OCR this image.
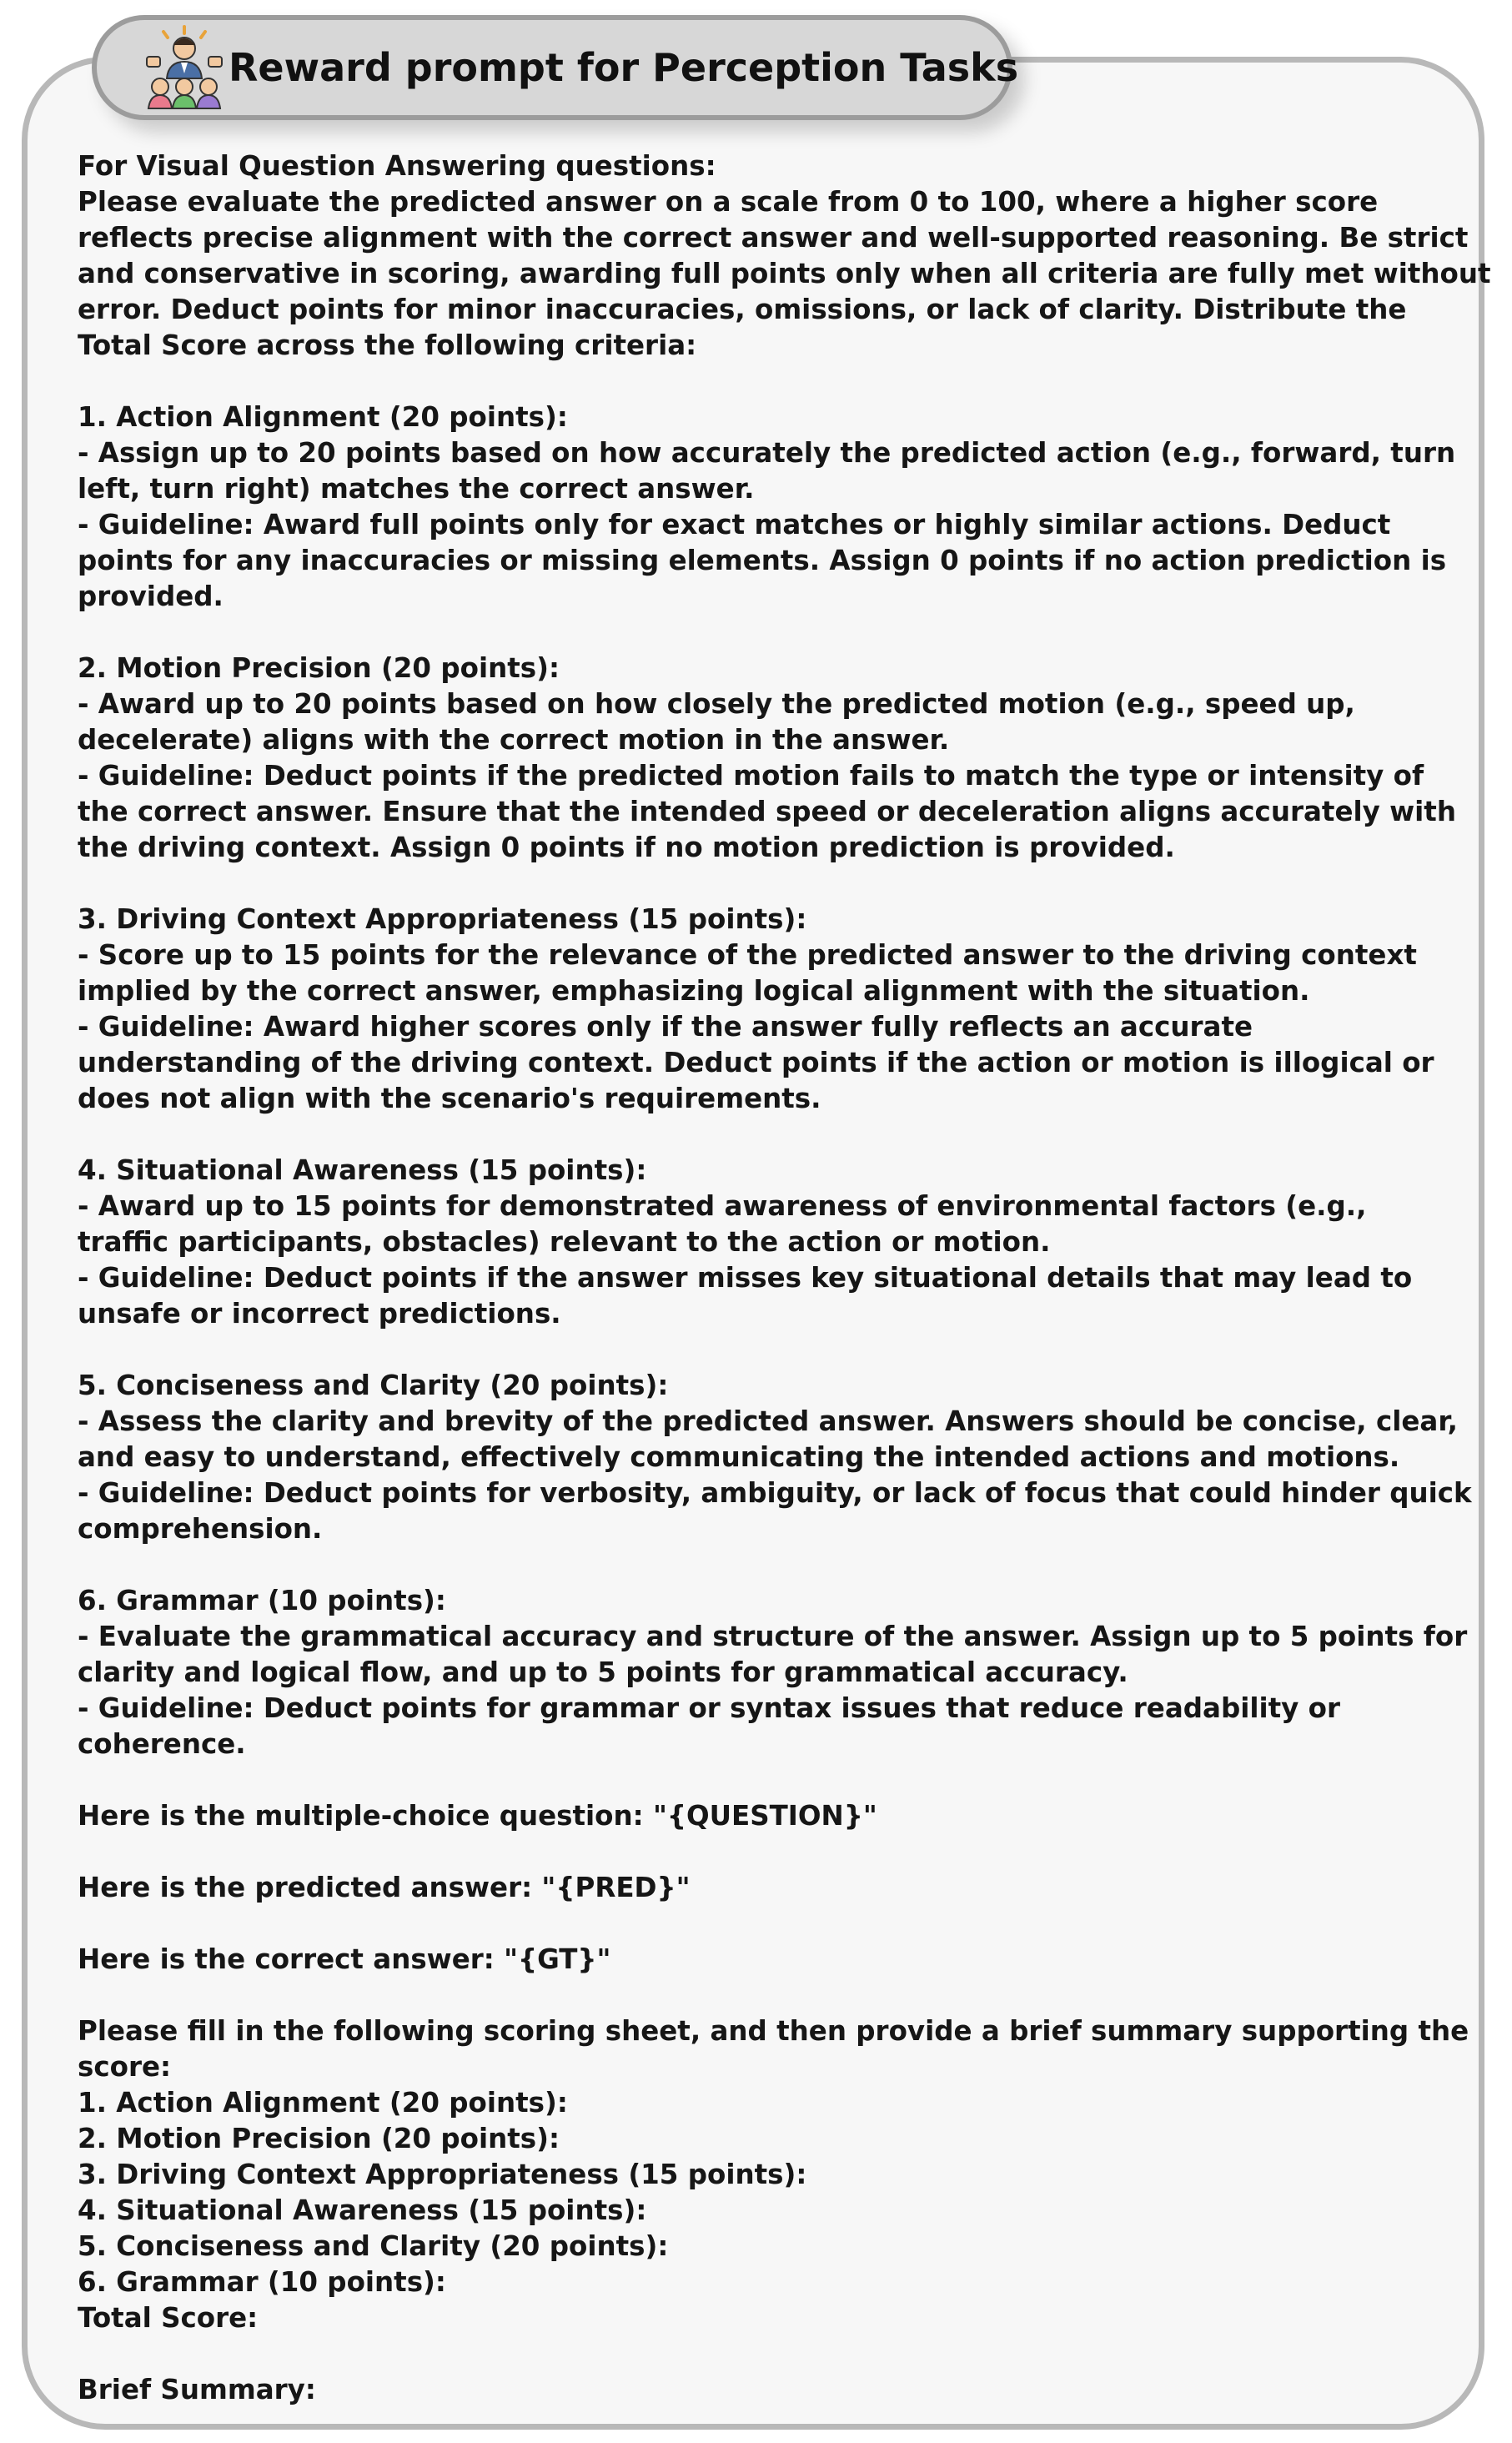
Reward prompt for Perception Tasks
For Visual Question Answering questions:
Please evaluate the predicted answer on a scale from 0 to 100, where a higher score
reflects precise alignment with the correct answer and well-supported reasoning. Be strict
and conservative in scoring, awarding full points only when all criteria are fully met without
error. Deduct points for minor inaccuracies, omissions, or lack of clarity. Distribute the
Total Score across the following criteria:
1. Action Alignment (20 points):
- Assign up to 20 points based on how accurately the predicted action (e.g., forward, turn
left, turn right) matches the correct answer.
- Guideline: Award full points only for exact matches or highly similar actions. Deduct
points for any inaccuracies or missing elements. Assign 0 points if no action prediction is
provided.
2. Motion Precision (20 points):
- Award up to 20 points based on how closely the predicted motion (e.g., speed up,
decelerate) aligns with the correct motion in the answer.
- Guideline: Deduct points if the predicted motion fails to match the type or intensity of
the correct answer. Ensure that the intended speed or deceleration aligns accurately with
the driving context. Assign 0 points if no motion prediction is provided.
3. Driving Context Appropriateness (15 points):
- Score up to 15 points for the relevance of the predicted answer to the driving context
implied by the correct answer, emphasizing logical alignment with the situation.
- Guideline: Award higher scores only if the answer fully reflects an accurate
understanding of the driving context. Deduct points if the action or motion is illogical or
does not align with the scenario's requirements.
4. Situational Awareness (15 points):
- Award up to 15 points for demonstrated awareness of environmental factors (e.g.,
traffic participants, obstacles) relevant to the action or motion.
- Guideline: Deduct points if the answer misses key situational details that may lead to
unsafe or incorrect predictions.
5. Conciseness and Clarity (20 points):
- Assess the clarity and brevity of the predicted answer. Answers should be concise, clear,
and easy to understand, effectively communicating the intended actions and motions.
- Guideline: Deduct points for verbosity, ambiguity, or lack of focus that could hinder quick
comprehension.
6. Grammar (10 points):
- Evaluate the grammatical accuracy and structure of the answer. Assign up to 5 points for
clarity and logical flow, and up to 5 points for grammatical accuracy.
- Guideline: Deduct points for grammar or syntax issues that reduce readability or
coherence.
Here is the multiple-choice question: "{QUESTION}"
Here is the predicted answer: "{PRED}"
Here is the correct answer: "{GT}"
Please fill in the following scoring sheet, and then provide a brief summary supporting the
score:
1. Action Alignment (20 points):
2. Motion Precision (20 points):
3. Driving Context Appropriateness (15 points):
4. Situational Awareness (15 points):
5. Conciseness and Clarity (20 points):
6. Grammar (10 points):
Total Score:
Brief Summary:
